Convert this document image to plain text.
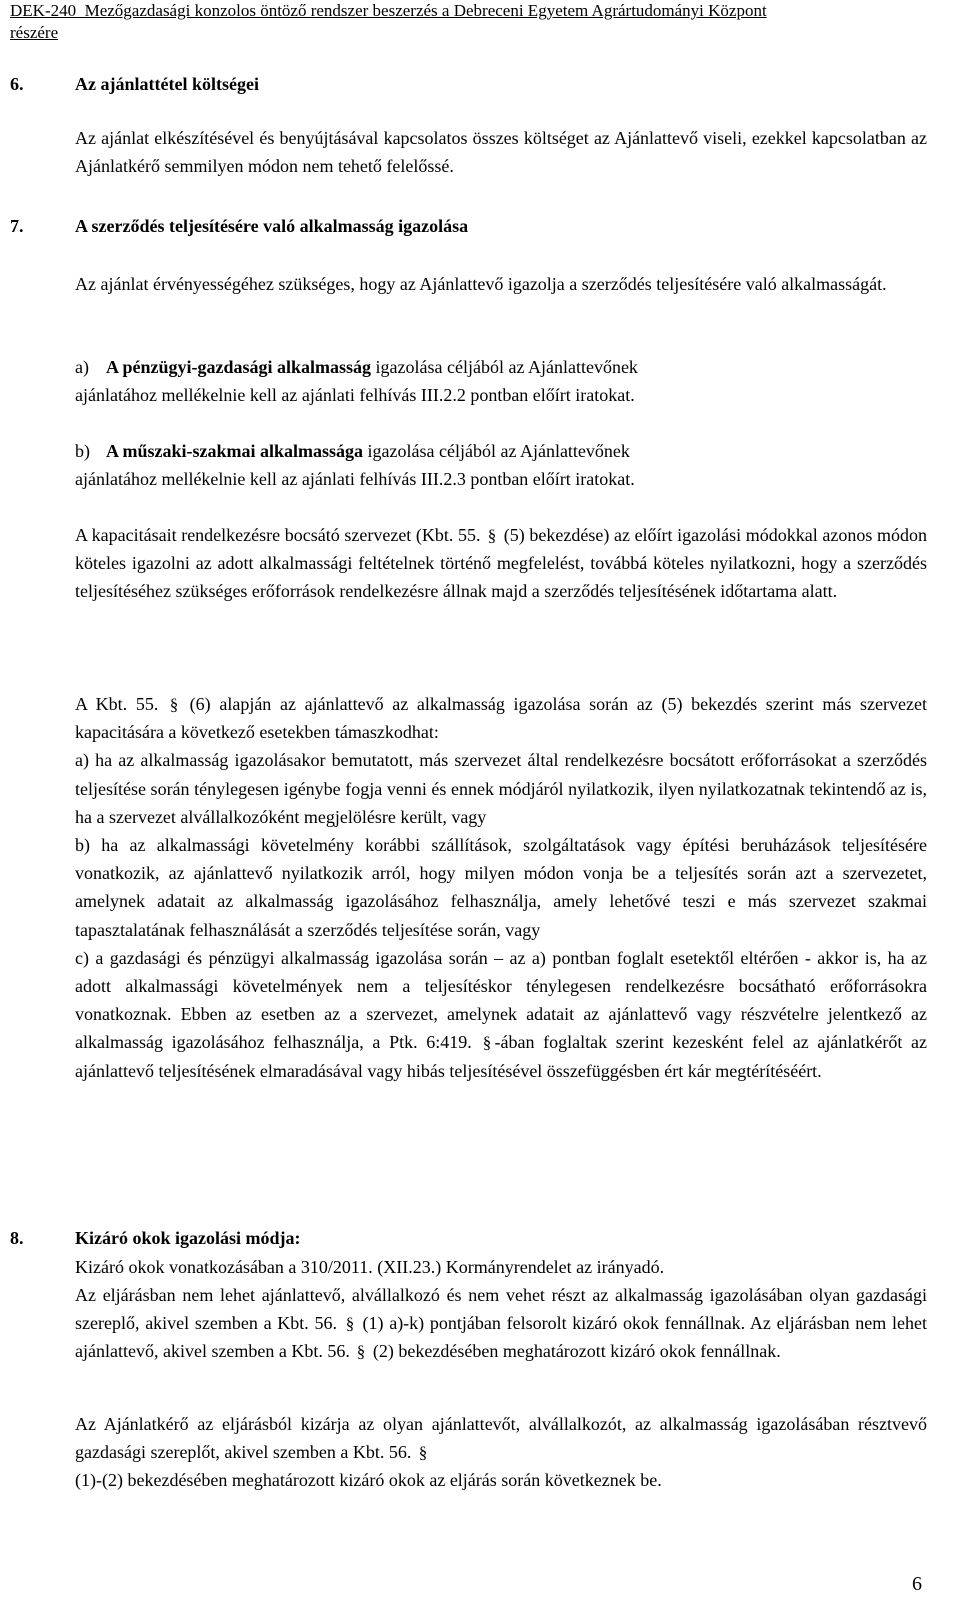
DEK-240_Mezőgazdasági konzolos öntöző rendszer beszerzés a Debreceni Egyetem Agrártudományi Központ
részére
6.	Az ajánlattétel költségei
Az ajánlat elkészítésével és benyújtásával kapcsolatos összes költséget az Ajánlattevő viseli, ezekkel kapcsolatban az Ajánlatkérő semmilyen módon nem tehető felelőssé.
7.	A szerződés teljesítésére való alkalmasság igazolása
Az ajánlat érvényességéhez szükséges, hogy az Ajánlattevő igazolja a szerződés teljesítésére való alkalmasságát.
a) A pénzügyi-gazdasági alkalmasság igazolása céljából az Ajánlattevőnek
ajánlatához mellékelnie kell az ajánlati felhívás III.2.2 pontban előírt iratokat.
b) A műszaki-szakmai alkalmassága igazolása céljából az Ajánlattevőnek
ajánlatához mellékelnie kell az ajánlati felhívás III.2.3 pontban előírt iratokat.
A kapacitásait rendelkezésre bocsátó szervezet (Kbt. 55. § (5) bekezdése) az előírt igazolási módokkal azonos módon köteles igazolni az adott alkalmassági feltételnek történő megfelelést, továbbá köteles nyilatkozni, hogy a szerződés teljesítéséhez szükséges erőforrások rendelkezésre állnak majd a szerződés teljesítésének időtartama alatt.
A Kbt. 55. § (6) alapján az ajánlattevő az alkalmasság igazolása során az (5) bekezdés szerint más szervezet kapacitására a következő esetekben támaszkodhat:
a) ha az alkalmasság igazolásakor bemutatott, más szervezet által rendelkezésre bocsátott erőforrásokat a szerződés teljesítése során ténylegesen igénybe fogja venni és ennek módjáról nyilatkozik, ilyen nyilatkozatnak tekintendő az is, ha a szervezet alvállalkozóként megjelölésre került, vagy
b) ha az alkalmassági követelmény korábbi szállítások, szolgáltatások vagy építési beruházások teljesítésére vonatkozik, az ajánlattevő nyilatkozik arról, hogy milyen módon vonja be a teljesítés során azt a szervezetet, amelynek adatait az alkalmasság igazolásához felhasználja, amely lehetővé teszi e más szervezet szakmai tapasztalatának felhasználását a szerződés teljesítése során, vagy
c) a gazdasági és pénzügyi alkalmasság igazolása során – az a) pontban foglalt esetektől eltérően - akkor is, ha az adott alkalmassági követelmények nem a teljesítéskor ténylegesen rendelkezésre bocsátható erőforrásokra vonatkoznak. Ebben az esetben az a szervezet, amelynek adatait az ajánlattevő vagy részvételre jelentkező az alkalmasság igazolásához felhasználja, a Ptk. 6:419. § -ában foglaltak szerint kezesként felel az ajánlatkérőt az ajánlattevő teljesítésének elmaradásával vagy hibás teljesítésével összefüggésben ért kár megtérítéséért.
8.	Kizáró okok igazolási módja:
Kizáró okok vonatkozásában a 310/2011. (XII.23.) Kormányrendelet az irányadó.
Az eljárásban nem lehet ajánlattevő, alvállalkozó és nem vehet részt az alkalmasság igazolásában olyan gazdasági szereplő, akivel szemben a Kbt. 56. § (1) a)-k) pontjában felsorolt kizáró okok fennállnak. Az eljárásban nem lehet ajánlattevő, akivel szemben a Kbt. 56. § (2) bekezdésében meghatározott kizáró okok fennállnak.
Az Ajánlatkérő az eljárásból kizárja az olyan ajánlattevőt, alvállalkozót, az alkalmasság igazolásában résztvevő gazdasági szereplőt, akivel szemben a Kbt. 56. §

(1)-(2) bekezdésében meghatározott kizáró okok az eljárás során következnek be.
6
